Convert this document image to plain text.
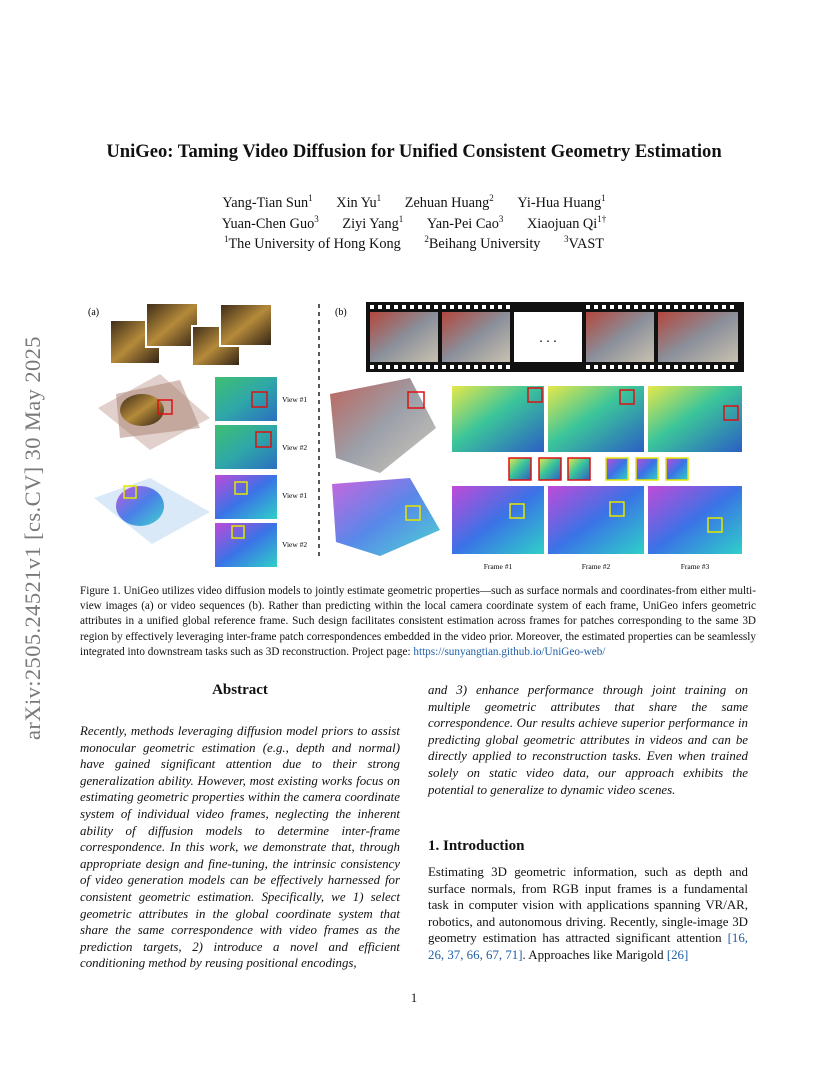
arXiv:2505.24521v1 [cs.CV] 30 May 2025
UniGeo: Taming Video Diffusion for Unified Consistent Geometry Estimation
Yang-Tian Sun$^1$ Xin Yu$^1$ Zehuan Huang$^2$ Yi-Hua Huang$^1$
Yuan-Chen Guo$^3$ Ziyi Yang$^1$ Yan-Pei Cao$^3$ Xiaojuan $Qi^{1\dagger}$
$^1$The University of Hong Kong	$^2$Beihang University	$^3$VAST
(a)	(b)
View #1
View #2
View #1
View #2
. . .
Frame #1	Frame #2	Frame #3
Figure 1. UniGeo utilizes video diffusion models to jointly estimate geometric properties—such as surface normals and coordinates-from either multi-view images (a) or video sequences (b). Rather than predicting within the local camera coordinate system of each frame, UniGeo infers geometric attributes in a unified global reference frame. Such design facilitates consistent estimation across frames for patches corresponding to the same 3D region by effectively leveraging inter-frame patch correspondences embedded in the video prior. Moreover, the estimated properties can be seamlessly integrated into downstream tasks such as 3D reconstruction. Project page: https://sunyangtian.github.io/UniGeo-web/
Abstract
Recently, methods leveraging diffusion model priors to assist monocular geometric estimation (e.g., depth and normal) have gained significant attention due to their strong generalization ability. However, most existing works focus on estimating geometric properties within the camera coordinate system of individual video frames, neglecting the inherent ability of diffusion models to determine inter-frame correspondence. In this work, we demonstrate that, through appropriate design and fine-tuning, the intrinsic consistency of video generation models can be effectively harnessed for consistent geometric estimation. Specifically, we 1) select geometric attributes in the global coordinate system that share the same correspondence with video frames as the prediction targets, 2) introduce a novel and efficient conditioning method by reusing positional encodings,
and 3) enhance performance through joint training on multiple geometric attributes that share the same correspondence. Our results achieve superior performance in predicting global geometric attributes in videos and can be directly applied to reconstruction tasks. Even when trained solely on static video data, our approach exhibits the potential to generalize to dynamic video scenes.
1. Introduction
Estimating 3D geometric information, such as depth and surface normals, from RGB input frames is a fundamental task in computer vision with applications spanning VR/AR, robotics, and autonomous driving. Recently, single-image 3D geometry estimation has attracted significant attention [16, 26, 37, 66, 67, 71]. Approaches like Marigold [26]
1
